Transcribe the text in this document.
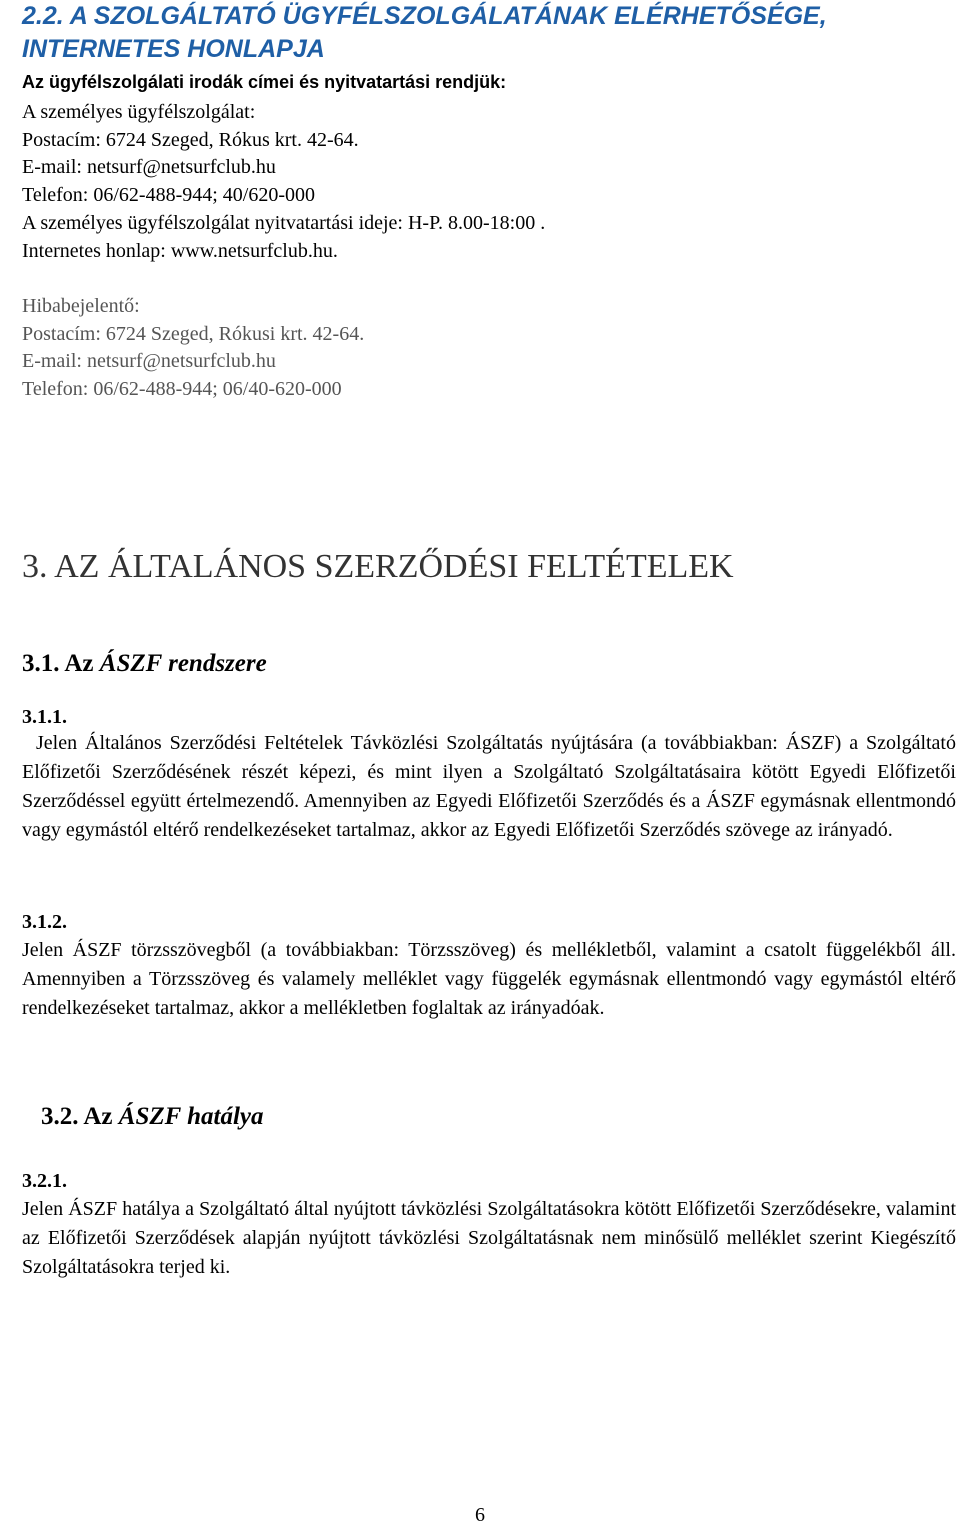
2.2. A SZOLGÁLTATÓ ÜGYFÉLSZOLGÁLATÁNAK ELÉRHETŐSÉGE,
INTERNETES HONLAPJA
Az ügyfélszolgálati irodák címei és nyitvatartási rendjük:
A személyes ügyfélszolgálat:
Postacím: 6724 Szeged, Rókus krt. 42-64.
E-mail: netsurf@netsurfclub.hu
Telefon: 06/62-488-944; 40/620-000
A személyes ügyfélszolgálat nyitvatartási ideje: H-P. 8.00-18:00 .
Internetes honlap: www.netsurfclub.hu.
Hibabejelentő:
Postacím: 6724 Szeged, Rókusi krt. 42-64.
E-mail: netsurf@netsurfclub.hu
Telefon: 06/62-488-944; 06/40-620-000
3. AZ ÁLTALÁNOS SZERZŐDÉSI FELTÉTELEK
3.1. Az ÁSZF rendszere
3.1.1.
Jelen Általános Szerződési Feltételek Távközlési Szolgáltatás nyújtására (a továbbiakban: ÁSZF) a Szolgáltató Előfizetői Szerződésének részét képezi, és mint ilyen a Szolgáltató Szolgáltatásaira kötött Egyedi Előfizetői Szerződéssel együtt értelmezendő. Amennyiben az Egyedi Előfizetői Szerződés és a ÁSZF egymásnak ellentmondó vagy egymástól eltérő rendelkezéseket tartalmaz, akkor az Egyedi Előfizetői Szerződés szövege az irányadó.
3.1.2.
Jelen ÁSZF törzsszövegből (a továbbiakban: Törzsszöveg) és mellékletből, valamint a csatolt függelékből áll. Amennyiben a Törzsszöveg és valamely melléklet vagy függelék egymásnak ellentmondó vagy egymástól eltérő rendelkezéseket tartalmaz, akkor a mellékletben foglaltak az irányadóak.
3.2. Az ÁSZF hatálya
3.2.1.
Jelen ÁSZF hatálya a Szolgáltató által nyújtott távközlési Szolgáltatásokra kötött Előfizetői Szerződésekre, valamint az Előfizetői Szerződések alapján nyújtott távközlési Szolgáltatásnak nem minősülő melléklet szerint Kiegészítő Szolgáltatásokra terjed ki.
6
